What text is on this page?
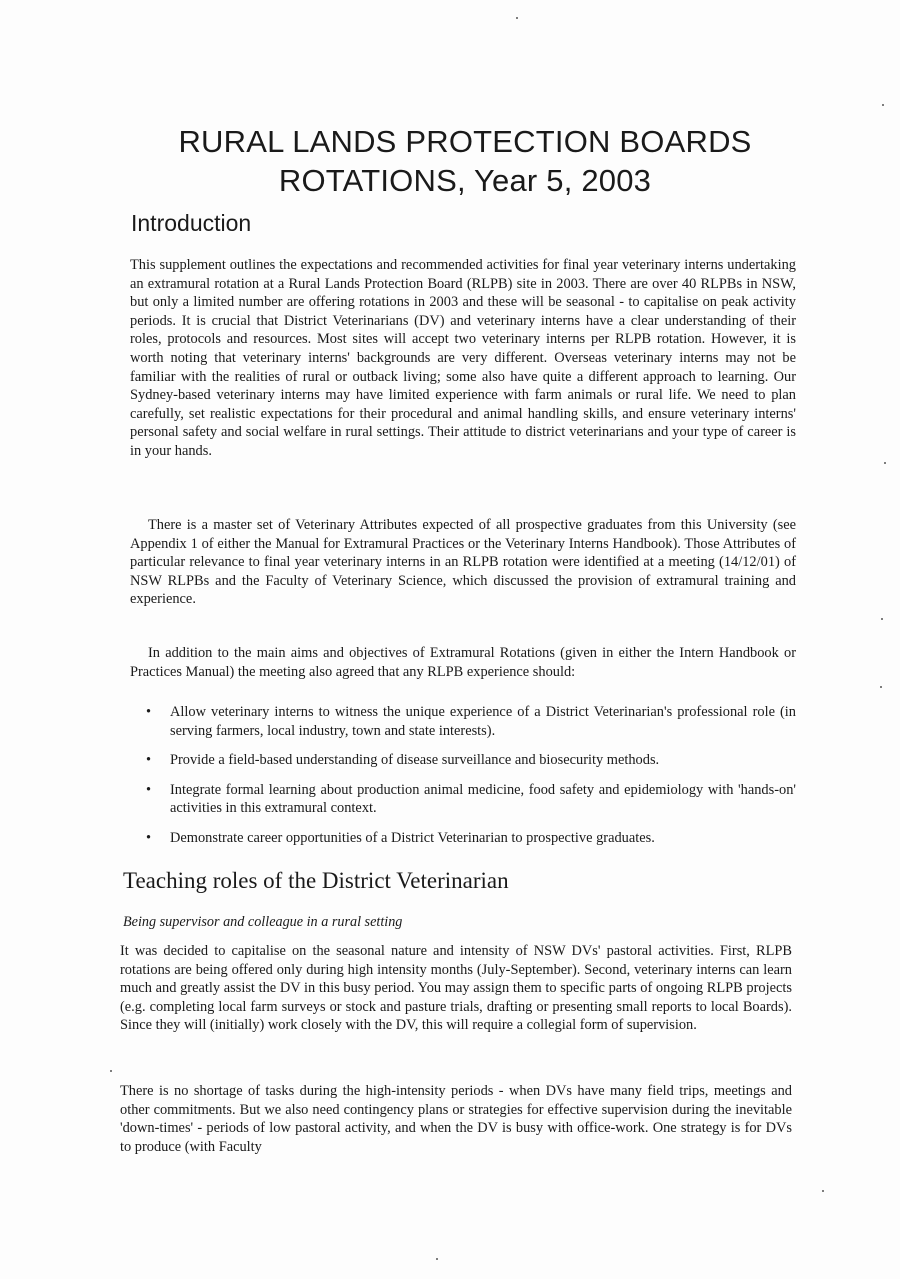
RURAL LANDS PROTECTION BOARDS ROTATIONS, Year 5, 2003
Introduction

This supplement outlines the expectations and recommended activities for final year veterinary interns undertaking an extramural rotation at a Rural Lands Protection Board (RLPB) site in 2003. There are over 40 RLPBs in NSW, but only a limited number are offering rotations in 2003 and these will be seasonal - to capitalise on peak activity periods. It is crucial that District Veterinarians (DV) and veterinary interns have a clear understanding of their roles, protocols and resources. Most sites will accept two veterinary interns per RLPB rotation. However, it is worth noting that veterinary interns' backgrounds are very different. Overseas veterinary interns may not be familiar with the realities of rural or outback living; some also have quite a different approach to learning. Our Sydney-based veterinary interns may have limited experience with farm animals or rural life. We need to plan carefully, set realistic expectations for their procedural and animal handling skills, and ensure veterinary interns' personal safety and social welfare in rural settings. Their attitude to district veterinarians and your type of career is in your hands.

There is a master set of Veterinary Attributes expected of all prospective graduates from this University (see Appendix 1 of either the Manual for Extramural Practices or the Veterinary Interns Handbook). Those Attributes of particular relevance to final year veterinary interns in an RLPB rotation were identified at a meeting (14/12/01) of NSW RLPBs and the Faculty of Veterinary Science, which discussed the provision of extramural training and experience.

In addition to the main aims and objectives of Extramural Rotations (given in either the Intern Handbook or Practices Manual) the meeting also agreed that any RLPB experience should:

• Allow veterinary interns to witness the unique experience of a District Veterinarian's professional role (in serving farmers, local industry, town and state interests).
• Provide a field-based understanding of disease surveillance and biosecurity methods.
• Integrate formal learning about production animal medicine, food safety and epidemiology with 'hands-on' activities in this extramural context.
• Demonstrate career opportunities of a District Veterinarian to prospective graduates.
Teaching roles of the District Veterinarian

Being supervisor and colleague in a rural setting

It was decided to capitalise on the seasonal nature and intensity of NSW DVs' pastoral activities. First, RLPB rotations are being offered only during high intensity months (July-September). Second, veterinary interns can learn much and greatly assist the DV in this busy period. You may assign them to specific parts of ongoing RLPB projects (e.g. completing local farm surveys or stock and pasture trials, drafting or presenting small reports to local Boards). Since they will (initially) work closely with the DV, this will require a collegial form of supervision.

There is no shortage of tasks during the high-intensity periods - when DVs have many field trips, meetings and other commitments. But we also need contingency plans or strategies for effective supervision during the inevitable 'down-times' - periods of low pastoral activity, and when the DV is busy with office-work. One strategy is for DVs to produce (with Faculty
